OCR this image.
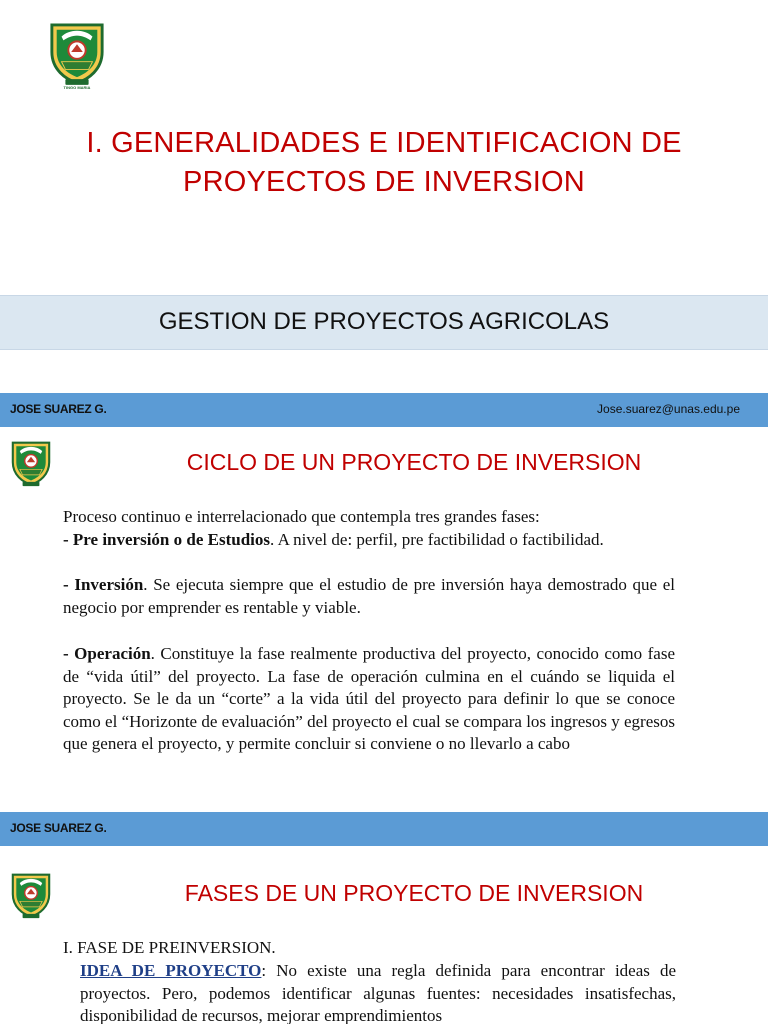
TINGO MARIA
I. GENERALIDADES E IDENTIFICACION DE
PROYECTOS DE INVERSION
GESTION DE PROYECTOS AGRICOLAS
JOSE SUAREZ G.	Jose.suarez@unas.edu.pe
CICLO DE UN PROYECTO DE INVERSION
Proceso continuo e interrelacionado que contempla tres grandes fases:
- Pre inversión o de Estudios. A nivel de: perfil, pre factibilidad o factibilidad.
- Inversión. Se ejecuta siempre que el estudio de pre inversión haya demostrado que el negocio por emprender es rentable y viable.
- Operación. Constituye la fase realmente productiva del proyecto, conocido como fase de “vida útil” del proyecto. La fase de operación culmina en el cuándo se liquida el proyecto. Se le da un “corte” a la vida útil del proyecto para definir lo que se conoce como el “Horizonte de evaluación” del proyecto el cual se compara los ingresos y egresos que genera el proyecto, y permite concluir si conviene o no llevarlo a cabo
JOSE SUAREZ G.
FASES DE UN PROYECTO DE INVERSION
I. FASE DE PREINVERSION.
IDEA DE PROYECTO: No existe una regla definida para encontrar ideas de proyectos. Pero, podemos identificar algunas fuentes: necesidades insatisfechas, disponibilidad de recursos, mejorar emprendimientos
